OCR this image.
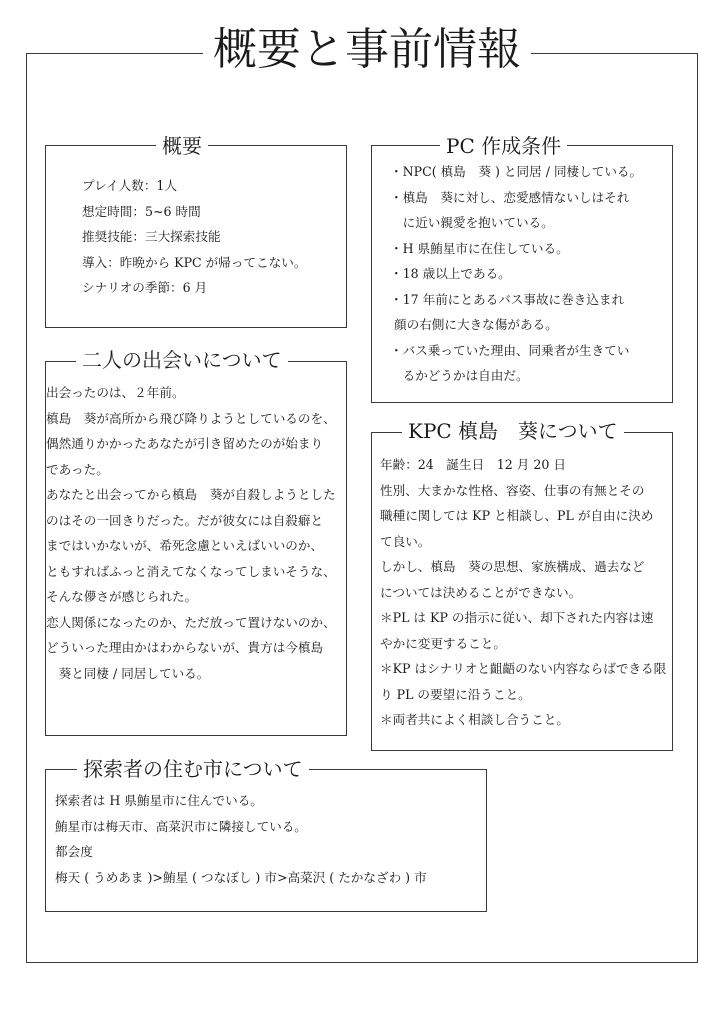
概要と事前情報
概要
プレイ人数：1人
想定時間：5~6 時間
推奨技能：三大探索技能
導入：昨晩から KPC が帰ってこない。
シナリオの季節：6 月
PC 作成条件
・NPC( 槙島　葵 ) と同居 / 同棲している。
・槙島　葵に対し、恋愛感情ないしはそれ
　に近い親愛を抱いている。
・H 県鮪星市に在住している。
・18 歳以上である。
・17 年前にとあるバス事故に巻き込まれ
顔の右側に大きな傷がある。
・バス乗っていた理由、同乗者が生きてい
　るかどうかは自由だ。
二人の出会いについて
出会ったのは、２年前。
槙島　葵が高所から飛び降りようとしているのを、
偶然通りかかったあなたが引き留めたのが始まり
であった。
あなたと出会ってから槙島　葵が自殺しようとした
のはその一回きりだった。だが彼女には自殺癖と
まではいかないが、希死念慮といえばいいのか、
ともすればふっと消えてなくなってしまいそうな、
そんな儚さが感じられた。
恋人関係になったのか、ただ放って置けないのか、
どういった理由かはわからないが、貴方は今槙島
　葵と同棲 / 同居している。
KPC 槙島　葵について
年齢：24　誕生日　12 月 20 日
性別、大まかな性格、容姿、仕事の有無とその
職種に関しては KP と相談し、PL が自由に決め
て良い。
しかし、槙島　葵の思想、家族構成、過去など
については決めることができない。
＊PL は KP の指示に従い、却下された内容は速
やかに変更すること。
＊KP はシナリオと齟齬のない内容ならばできる限
り PL の要望に沿うこと。
＊両者共によく相談し合うこと。
探索者の住む市について
探索者は H 県鮪星市に住んでいる。
鮪星市は梅天市、高菜沢市に隣接している。
都会度
梅天 ( うめあま )>鮪星 ( つなぼし ) 市>高菜沢 ( たかなざわ ) 市
